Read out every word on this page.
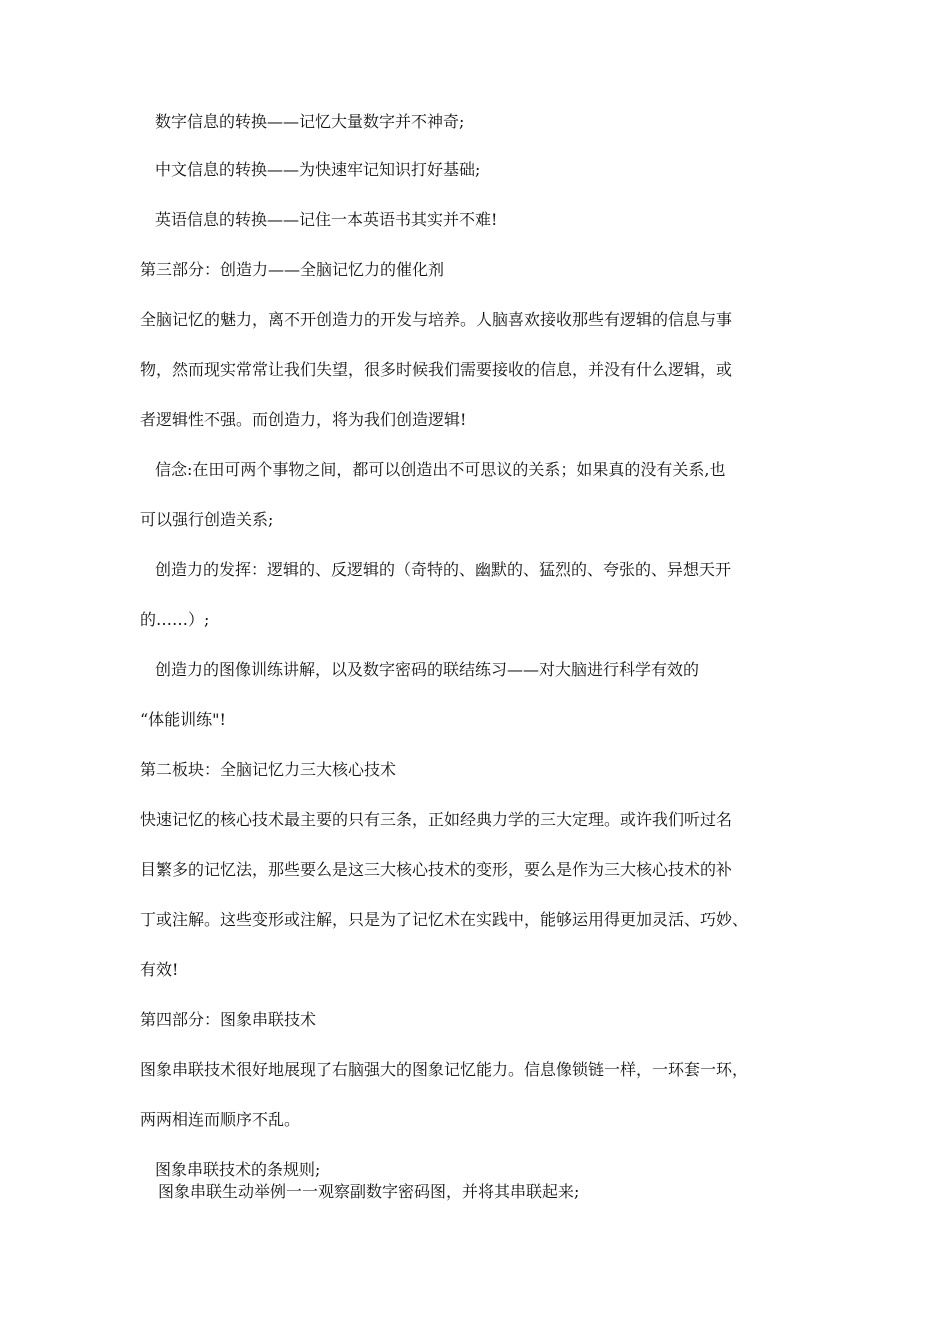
数字信息的转换——记忆大量数字并不神奇;
中文信息的转换——为快速牢记知识打好基础;
英语信息的转换——记住一本英语书其实并不难!
第三部分：创造力——全脑记忆力的催化剂
全脑记忆的魅力，离不开创造力的开发与培养。人脑喜欢接收那些有逻辑的信息与事
物，然而现实常常让我们失望，很多时候我们需要接收的信息，并没有什么逻辑，或
者逻辑性不强。而创造力，将为我们创造逻辑!
信念:在田可两个事物之间，都可以创造出不可思议的关系；如果真的没有关系,也
可以强行创造关系;
创造力的发挥：逻辑的、反逻辑的（奇特的、幽默的、猛烈的、夸张的、异想天开
的……）;
创造力的图像训练讲解，以及数字密码的联结练习——对大脑进行科学有效的
“体能训练"!
第二板块：全脑记忆力三大核心技术
快速记忆的核心技术最主要的只有三条，正如经典力学的三大定理。或许我们听过名
目繁多的记忆法，那些要么是这三大核心技术的变形，要么是作为三大核心技术的补
丁或注解。这些变形或注解，只是为了记忆术在实践中，能够运用得更加灵活、巧妙、
有效!
第四部分：图象串联技术
图象串联技术很好地展现了右脑强大的图象记忆能力。信息像锁链一样，一环套一环，
两两相连而顺序不乱。
图象串联技术的条规则;
图象串联生动举例一一观察副数字密码图，并将其串联起来;
